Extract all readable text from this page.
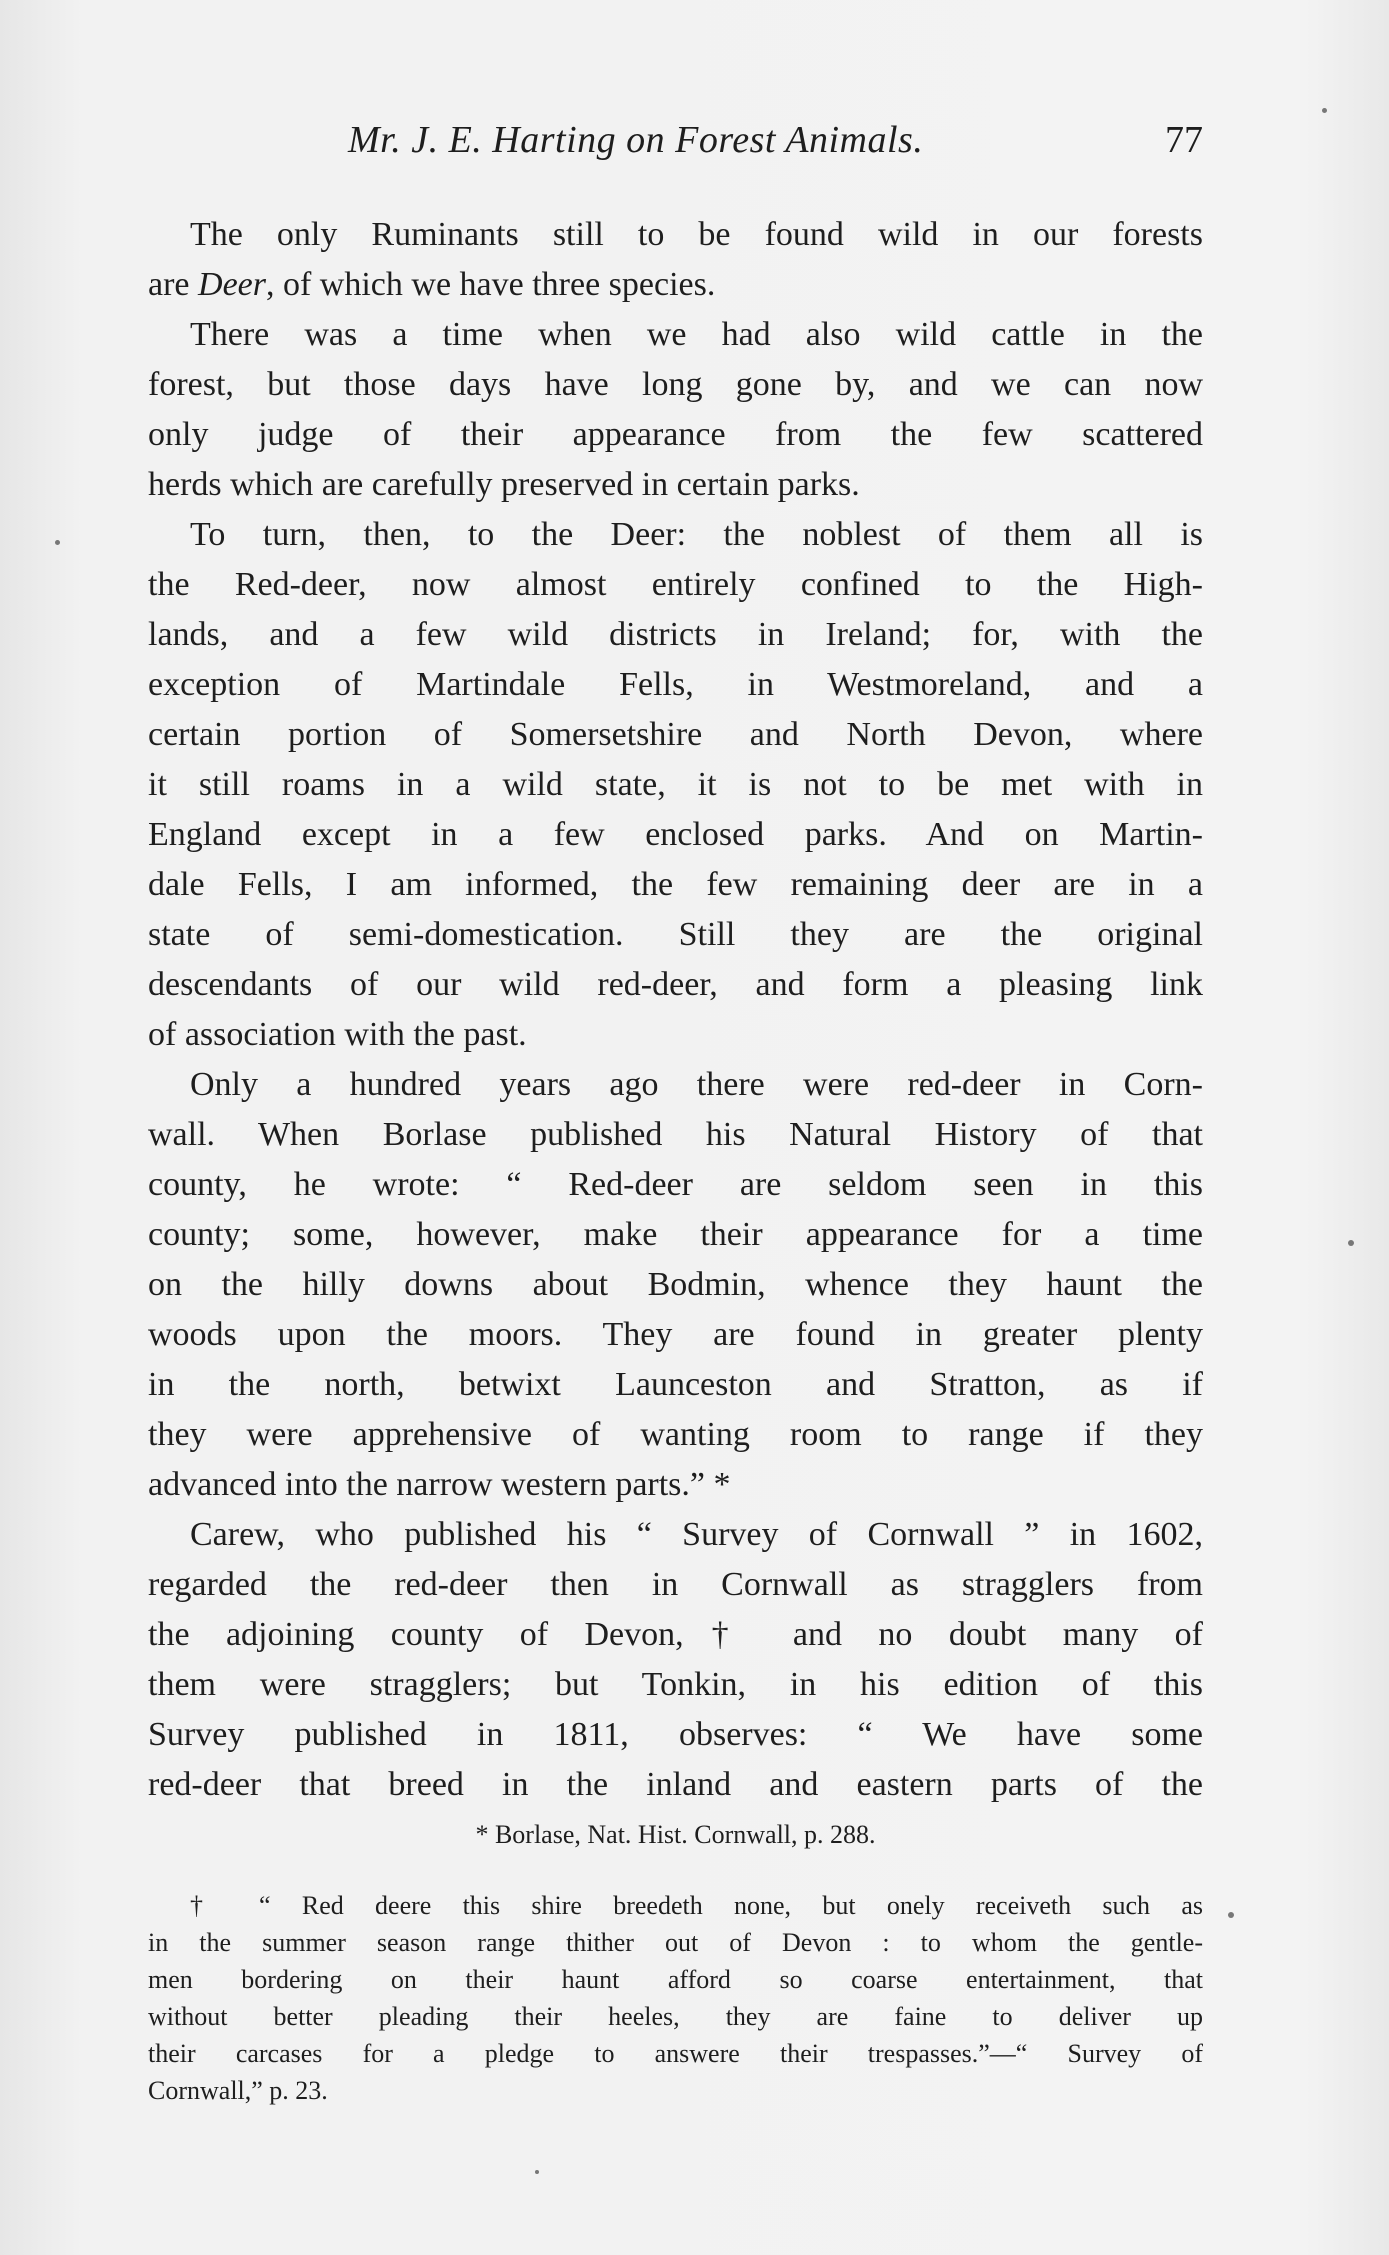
Mr. J. E. Harting on Forest Animals.	77
The only Ruminants still to be found wild in our forests
are Deer, of which we have three species.
There was a time when we had also wild cattle in the
forest, but those days have long gone by, and we can now
only judge of their appearance from the few scattered
herds which are carefully preserved in certain parks.
To turn, then, to the Deer: the noblest of them all is
the Red-deer, now almost entirely confined to the High-
lands, and a few wild districts in Ireland; for, with the
exception of Martindale Fells, in Westmoreland, and a
certain portion of Somersetshire and North Devon, where
it still roams in a wild state, it is not to be met with in
England except in a few enclosed parks. And on Martin-
dale Fells, I am informed, the few remaining deer are in a
state of semi-domestication. Still they are the original
descendants of our wild red-deer, and form a pleasing link
of association with the past.
Only a hundred years ago there were red-deer in Corn-
wall. When Borlase published his Natural History of that
county, he wrote: “ Red-deer are seldom seen in this
county; some, however, make their appearance for a time
on the hilly downs about Bodmin, whence they haunt the
woods upon the moors. They are found in greater plenty
in the north, betwixt Launceston and Stratton, as if
they were apprehensive of wanting room to range if they
advanced into the narrow western parts.” *
Carew, who published his “ Survey of Cornwall ” in 1602,
regarded the red-deer then in Cornwall as stragglers from
the adjoining county of Devon,† and no doubt many of
them were stragglers; but Tonkin, in his edition of this
Survey published in 1811, observes: “ We have some
red-deer that breed in the inland and eastern parts of the
* Borlase, Nat. Hist. Cornwall, p. 288.
† “ Red deere this shire breedeth none, but onely receiveth such as
in the summer season range thither out of Devon : to whom the gentle-
men bordering on their haunt afford so coarse entertainment, that
without better pleading their heeles, they are faine to deliver up
their carcases for a pledge to answere their trespasses.”—“ Survey of
Cornwall,” p. 23.
